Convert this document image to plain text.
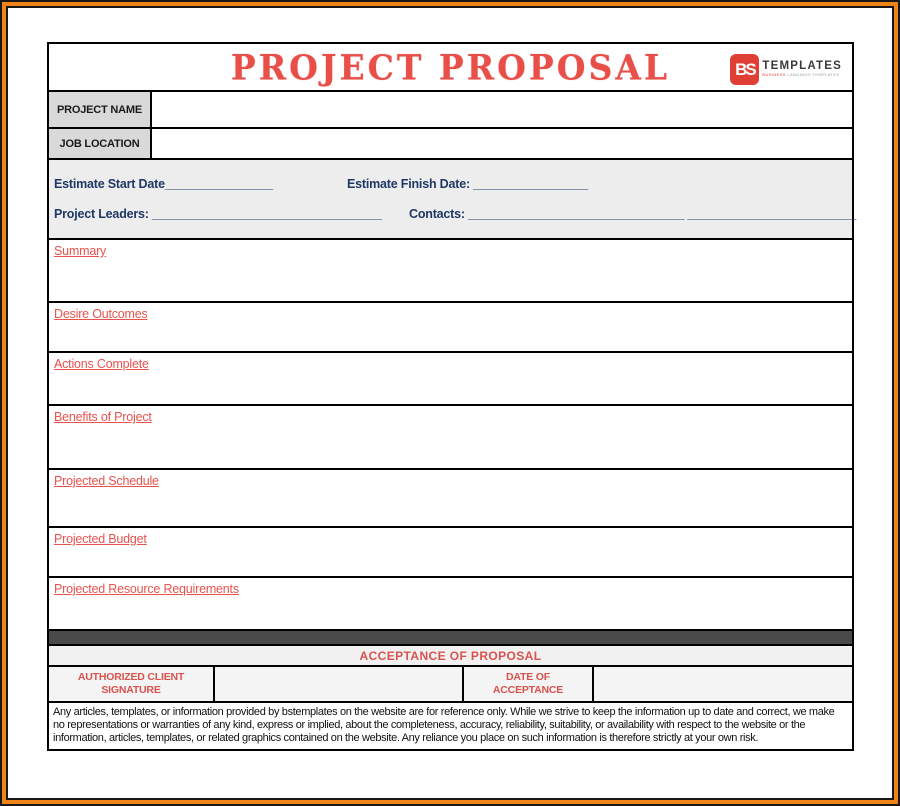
PROJECT PROPOSAL	BS TEMPLATES
BUSINESS LANDINGS TEMPLATES
PROJECT NAME
JOB LOCATION
Estimate Start Date________________	Estimate Finish Date: _________________
Project Leaders: __________________________________ Contacts: ________________________________ _________________________
Summary
Desire Outcomes
Actions Complete
Benefits of Project
Projected Schedule
Projected Budget
Projected Resource Requirements
ACCEPTANCE OF PROPOSAL
AUTHORIZED CLIENT SIGNATURE
DATE OF ACCEPTANCE
Any articles, templates, or information provided by bstemplates on the website are for reference only. While we strive to keep the information up to date and correct, we make no representations or warranties of any kind, express or implied, about the completeness, accuracy, reliability, suitability, or availability with respect to the website or the information, articles, templates, or related graphics contained on the website. Any reliance you place on such information is therefore strictly at your own risk.
